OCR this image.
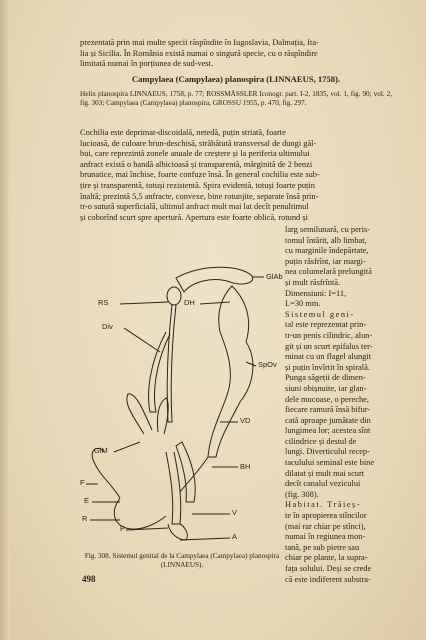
prezentată prin mai multe specii răspîndite în Iugoslavia, Dalmația, Ita-
lia și Sicilia. În România există numai o singură specie, cu o răspîndire
limitată numai în porțiunea de sud-vest.
Campylaea (Campylaea) planospira (LINNAEUS, 1758).
Helix planospira LINNAEUS, 1758, p. 77; ROSSMÄSSLER Iconogr. part. I-2, 1835, vol. 1, fig. 90; vol. 2, fig. 303; Campylaea (Campylaea) planospira, GROSSU 1955, p. 470, fig. 297.
Cochilia este deprimat-discoidală, netedă, puțin striată, foarte
lucioasă, de culoare brun-deschisă, străbătută transversal de dungi găl-
bui, care reprezintă zonele anuale de creștere și la periferia ultimului
anfract există o bandă albicioasă și transparentă, mărginită de 2 benzi
brunatice, mai închise, foarte confuze însă. În general cochilia este sub-
țire și transparentă, totuși rezistentă. Spira evidentă, totuși foarte puțin
înaltă; prezintă 5,5 anfracte, convexe, bine rotunjite, separate însă prin-
tr-o sutură superficială, ultimul anfract mult mai lat decît penultimul
și coborînd scurt spre apertură. Apertura este foarte oblică, rotund și
larg semilunară, cu peris-
tomul întărit, alb limbat,
cu marginile îndepărtate,
puțin răsfrînt, iar margi-
nea columelară prelungită
și mult răsfrîntă.
Dimensiuni: I=11,
L=30 mm.
Sistemul geni-
tal este reprezentat prin-
tr-un penis cilindric, alun-
git și un scurt epifalus ter-
minat cu un flagel alungit
și puțin învîrtit în spirală.
Punga săgeții de dimen-
siuni obișnuite, iar glan-
dele mucoase, o pereche,
fiecare ramură însă bifur-
cată aproape jumătate din
lungimea lor; acestea sînt
cilindrice și destul de
lungi. Diverticulul recep-
taculului seminal este bine
dilatat și mult mai scurt
decît canalul vezicului
(fig. 308).
Habitat. Trăieș-
te în apropierea stîncilor
(mai rar chiar pe stînci),
numai în regiunea mon-
tană, pe sub pietre sau
chiar pe plante, la supra-
fața solului. Deși se crede
că este indiferent substra-
GlAb
RS	DH
Div
SpOv
VD
GlM
BH
F
E
R
V
P
A
Fig. 308. Sistemul genital de la Campylaea (Campylaea) planospira (LINNAEUS).
498
